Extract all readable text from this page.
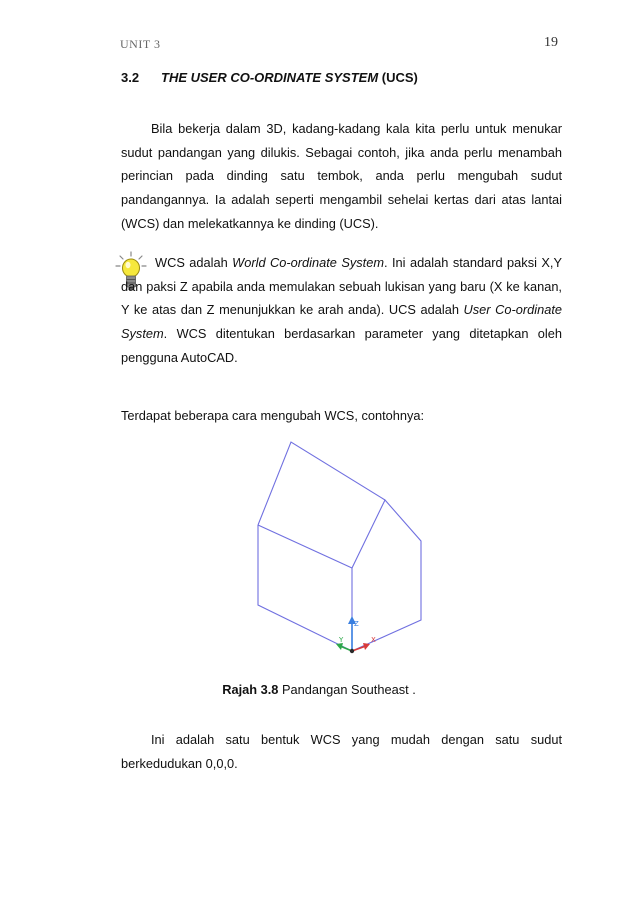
UNIT 3	19
3.2 THE USER CO-ORDINATE SYSTEM (UCS)

Bila bekerja dalam 3D, kadang-kadang kala kita perlu untuk menukar sudut pandangan yang dilukis. Sebagai contoh, jika anda perlu menambah perincian pada dinding satu tembok, anda perlu mengubah sudut pandangannya. Ia adalah seperti mengambil sehelai kertas dari atas lantai (WCS) dan melekatkannya ke dinding (UCS).

WCS adalah World Co-ordinate System. Ini adalah standard paksi X,Y dan paksi Z apabila anda memulakan sebuah lukisan yang baru (X ke kanan, Y ke atas dan Z menunjukkan ke arah anda). UCS adalah User Co-ordinate System. WCS ditentukan berdasarkan parameter yang ditetapkan oleh pengguna AutoCAD.

Terdapat beberapa cara mengubah WCS, contohnya:

Z
Y	X
Rajah 3.8 Pandangan Southeast .

Ini adalah satu bentuk WCS yang mudah dengan satu sudut berkedudukan 0,0,0.
